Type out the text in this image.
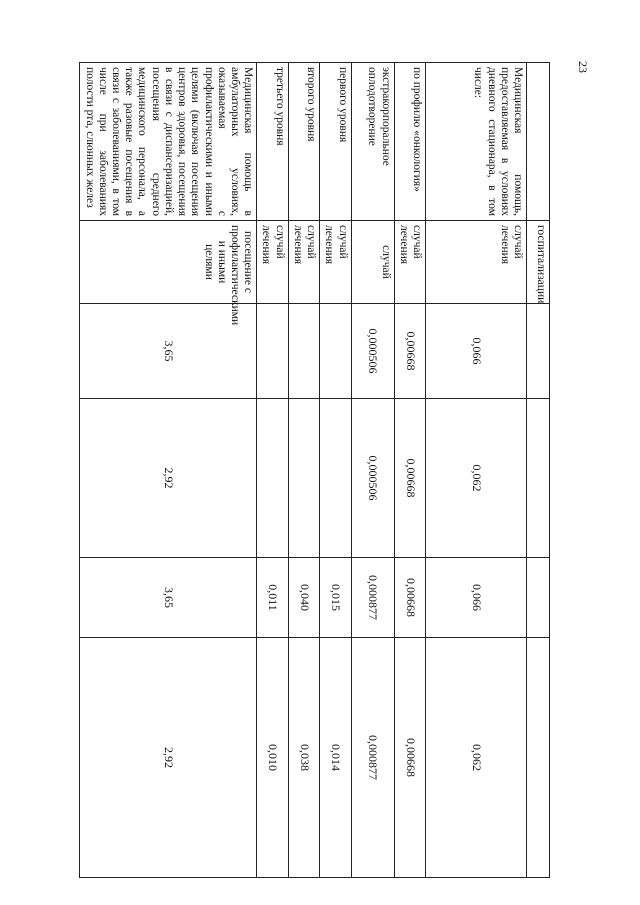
23
	госпитализации				
Медицинская помощь, предоставляемая в условиях дневного стационара, в том числе:	случай лечения	0,066	0,062	0,066	0,062
по профилю «онкология»	случай лечения	0,00668	0,00668	0,00668	0,00668
экстракорпоральное оплодотворение	случай	0,000506	0,000506	0,000877	0,000877
первого уровня	случай лечения			0,015	0,014
второго уровня	случай лечения			0,040	0,038
третьего уровня	случай лечения			0,011	0,010
Медицинская помощь в амбулаторных условиях, оказываемая с профилактическими и иными целями (включая посещения центров здоровья, посещения в связи с диспансеризацией, посещения среднего медицинского персонала, а также разовые посещения в связи с заболеваниями, в том числе при заболеваниях полости рта, слюнных желез	посещение с профилактическими и иными целями	3,65	2,92	3,65	2,92
